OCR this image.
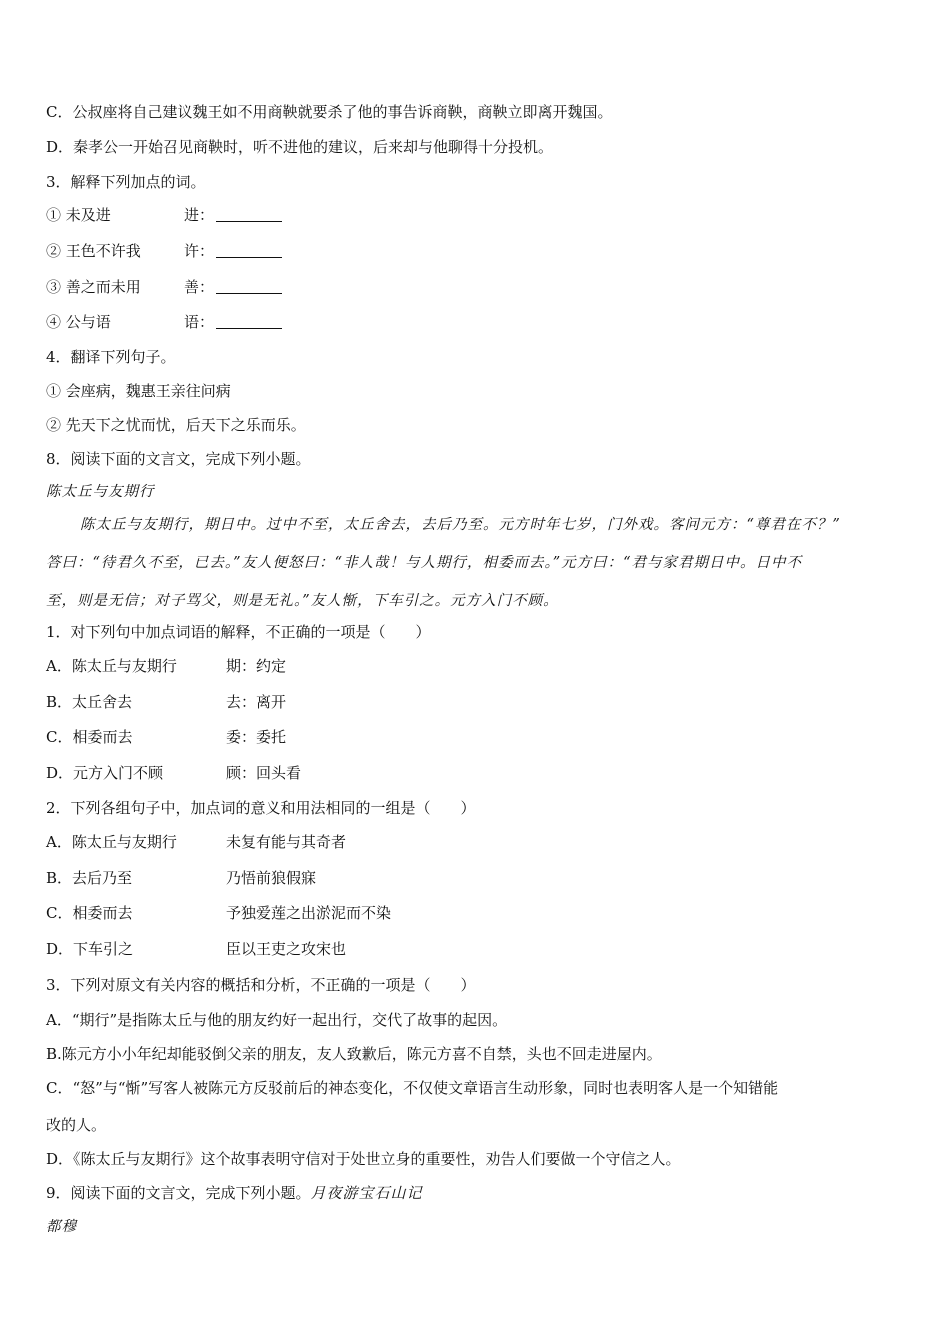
C．公叔座将自己建议魏王如不用商鞅就要杀了他的事告诉商鞅，商鞅立即离开魏国。
D．秦孝公一开始召见商鞅时，听不进他的建议，后来却与他聊得十分投机。
3．解释下列加点的词。
① 未及进	进：
② 王色不许我	许：
③ 善之而未用	善：
④ 公与语	语：
4．翻译下列句子。
① 会座病，魏惠王亲往问病
② 先天下之忧而忧，后天下之乐而乐。
8．阅读下面的文言文，完成下列小题。
陈太丘与友期行
陈太丘与友期行，期日中。过中不至，太丘舍去，去后乃至。元方时年七岁，门外戏。客问元方：“尊君在不？”
答曰：“待君久不至，已去。”友人便怒曰：“非人哉！与人期行，相委而去。”元方曰：“君与家君期日中。日中不
至，则是无信；对子骂父，则是无礼。”友人惭，下车引之。元方入门不顾。
1．对下列句中加点词语的解释，不正确的一项是（　　）
A．陈太丘与友期行	期：约定
B．太丘舍去	去：离开
C．相委而去	委：委托
D．元方入门不顾	顾：回头看
2．下列各组句子中，加点词的意义和用法相同的一组是（　　）
A．陈太丘与友期行	未复有能与其奇者
B．去后乃至	乃悟前狼假寐
C．相委而去	予独爱莲之出淤泥而不染
D．下车引之	臣以王吏之攻宋也
3．下列对原文有关内容的概括和分析，不正确的一项是（　　）
A．“期行”是指陈太丘与他的朋友约好一起出行，交代了故事的起因。
B.陈元方小小年纪却能驳倒父亲的朋友，友人致歉后，陈元方喜不自禁，头也不回走进屋内。
C．“怒”与“惭”写客人被陈元方反驳前后的神态变化，不仅使文章语言生动形象，同时也表明客人是一个知错能
改的人。
D．《陈太丘与友期行》这个故事表明守信对于处世立身的重要性，劝告人们要做一个守信之人。
9．阅读下面的文言文，完成下列小题。月夜游宝石山记
都穆
